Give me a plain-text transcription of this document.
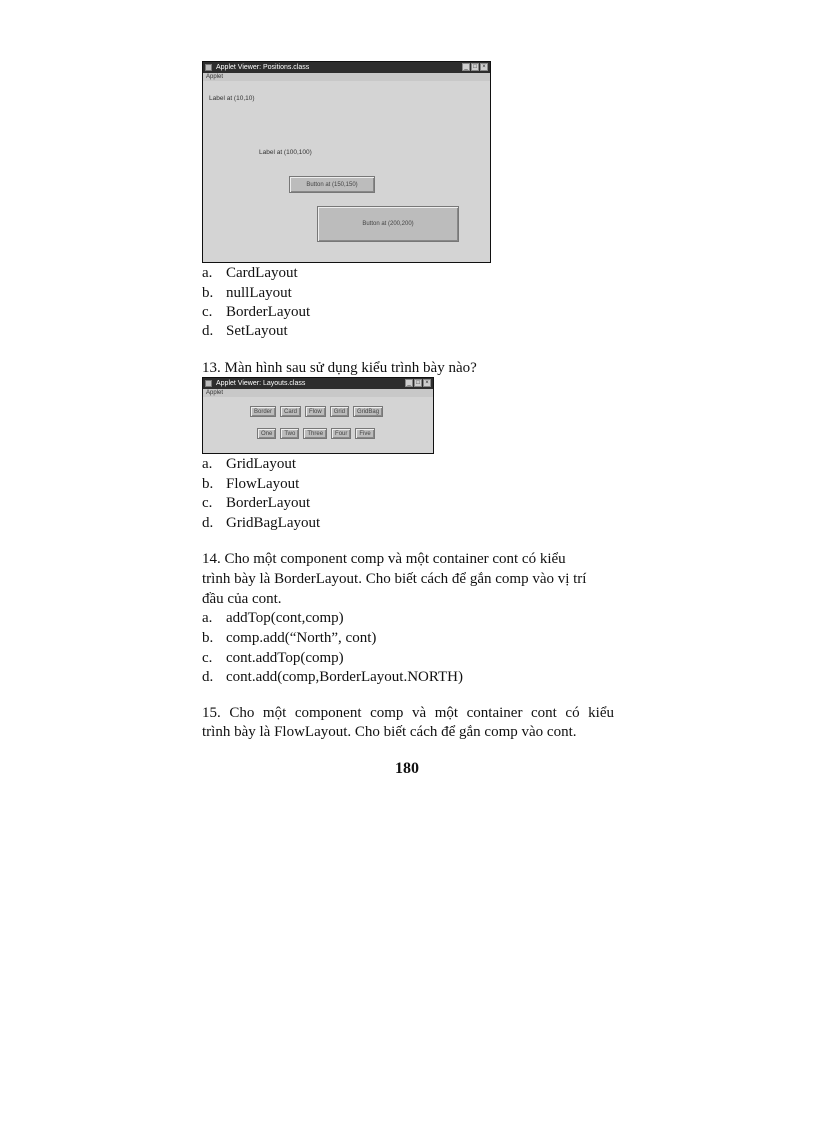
Applet Viewer: Positions.class	_ □ ×
Applet
Label at (10,10)
Label at (100,100)
Button at (150,150)
Button at (200,200)
a. CardLayout
b. nullLayout
c. BorderLayout
d. SetLayout
13. Màn hình sau sử dụng kiểu trình bày nào?
Applet Viewer: Layouts.class	_ □ ×
Applet
Border	Card	Flow	Grid	GridBag
One	Two	Three	Four	Five
a. GridLayout
b. FlowLayout
c. BorderLayout
d. GridBagLayout
14. Cho một component comp và một container cont có kiểu
trình bày là BorderLayout. Cho biết cách để gắn comp vào vị trí
đầu của cont.
a. addTop(cont,comp)
b. comp.add(“North”, cont)
c. cont.addTop(comp)
d. cont.add(comp,BorderLayout.NORTH)
15. Cho một component comp và một container cont có kiểu
trình bày là FlowLayout. Cho biết cách để gắn comp vào cont.
180
